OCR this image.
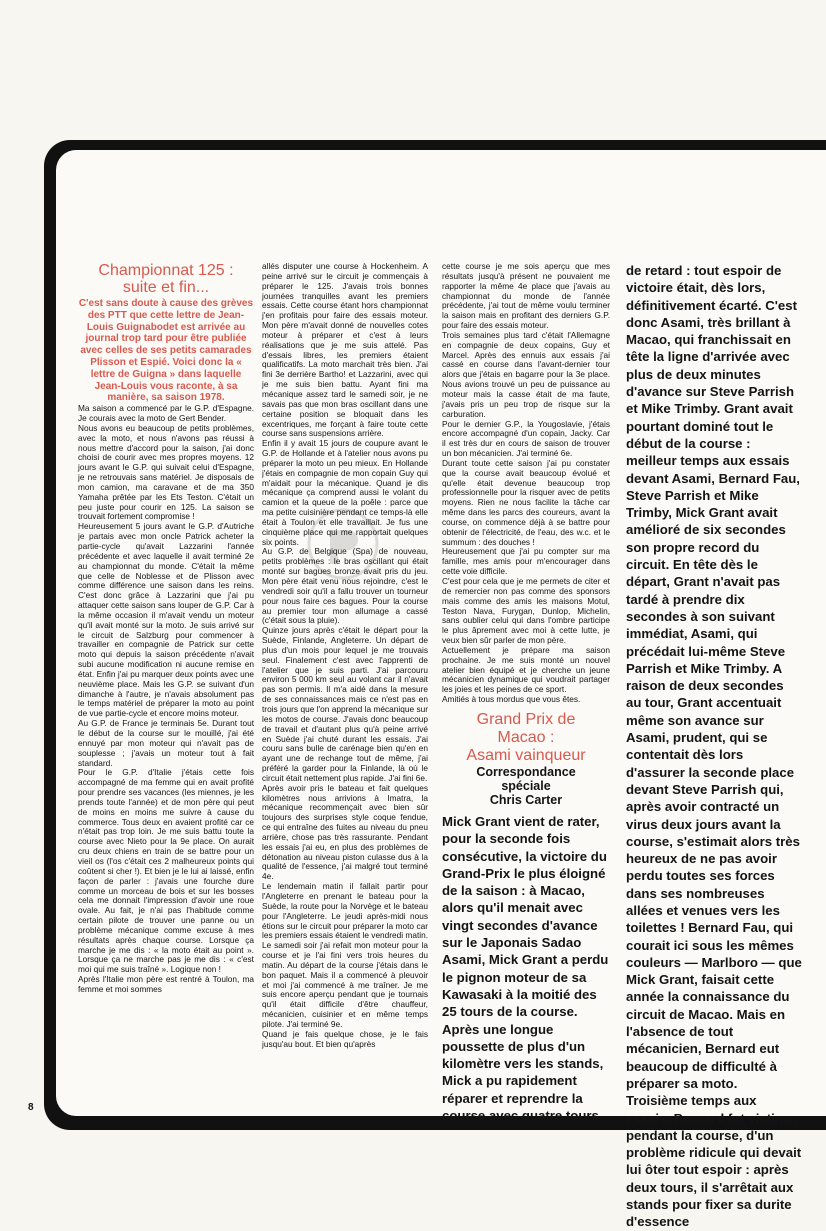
Championnat 125 :
suite et fin...

C'est sans doute à cause des grèves des PTT que cette lettre de Jean-Louis Guignabodet est arrivée au journal trop tard pour être publiée avec celles de ses petits camarades Plisson et Espié. Voici donc la « lettre de Guigna » dans laquelle Jean-Louis vous raconte, à sa manière, sa saison 1978.

Ma saison a commencé par le G.P. d'Espagne. Je courais avec la moto de Gert Bender.

Nous avons eu beaucoup de petits problèmes, avec la moto, et nous n'avons pas réussi à nous mettre d'accord pour la saison, j'ai donc choisi de courir avec mes propres moyens. 12 jours avant le G.P. qui suivait celui d'Espagne, je ne retrouvais sans matériel. Je disposais de mon camion, ma caravane et de ma 350 Yamaha prêtée par les Ets Teston. C'était un peu juste pour courir en 125. La saison se trouvait fortement compromise !

Heureusement 5 jours avant le G.P. d'Autriche je partais avec mon oncle Patrick acheter la partie-cycle qu'avait Lazzarini l'année précédente et avec laquelle il avait terminé 2e au championnat du monde. C'était la même que celle de Noblesse et de Plisson avec comme différence une saison dans les reins. C'est donc grâce à Lazzarini que j'ai pu attaquer cette saison sans louper de G.P. Car à la même occasion il m'avait vendu un moteur qu'il avait monté sur la moto. Je suis arrivé sur le circuit de Salzburg pour commencer à travailler en compagnie de Patrick sur cette moto qui depuis la saison précédente n'avait subi aucune modification ni aucune remise en état. Enfin j'ai pu marquer deux points avec une neuvième place. Mais les G.P. se suivant d'un dimanche à l'autre, je n'avais absolument pas le temps matériel de préparer la moto au point de vue partie-cycle et encore moins moteur.

Au G.P. de France je terminais 5e. Durant tout le début de la course sur le mouillé, j'ai été ennuyé par mon moteur qui n'avait pas de souplesse ; j'avais un moteur tout à fait standard.

Pour le G.P. d'Italie j'étais cette fois accompagné de ma femme qui en avait profité pour prendre ses vacances (les miennes, je les prends toute l'année) et de mon père qui peut de moins en moins me suivre à cause du commerce. Tous deux en avaient profité car ce n'était pas trop loin. Je me suis battu toute la course avec Nieto pour la 9e place. On aurait cru deux chiens en train de se battre pour un vieil os (l'os c'était ces 2 malheureux points qui coûtent si cher !). Et bien je le lui ai laissé, enfin façon de parler : j'avais une fourche dure comme un morceau de bois et sur les bosses cela me donnait l'impression d'avoir une roue ovale. Au fait, je n'ai pas l'habitude comme certain pilote de trouver une panne ou un problème mécanique comme excuse à mes résultats après chaque course. Lorsque ça marche je me dis : « la moto était au point ». Lorsque ça ne marche pas je me dis : « c'est moi qui me suis traîné ». Logique non !

Après l'Italie mon père est rentré à Toulon, ma femme et moi sommes

allés disputer une course à Hockenheim. A peine arrivé sur le circuit je commençais à préparer le 125. J'avais trois bonnes journées tranquilles avant les premiers essais. Cette course étant hors championnat j'en profitais pour faire des essais moteur. Mon père m'avait donné de nouvelles cotes moteur à préparer et c'est à leurs réalisations que je me suis attelé. Pas d'essais libres, les premiers étaient qualificatifs. La moto marchait très bien. J'ai fini 3e derrière Bartho! et Lazzarini, avec qui je me suis bien battu. Ayant fini ma mécanique assez tard le samedi soir, je ne savais pas que mon bras oscillant dans une certaine position se bloquait dans les excentriques, me forçant à faire toute cette course sans suspensions arrière.

Enfin il y avait 15 jours de coupure avant le G.P. de Hollande et à l'atelier nous avons pu préparer la moto un peu mieux. En Hollande j'étais en compagnie de mon copain Guy qui m'aidait pour la mécanique. Quand je dis mécanique ça comprend aussi le volant du camion et la queue de la poêle : parce que ma petite cuisinière pendant ce temps-là elle était à Toulon et elle travaillait. Je fus une cinquième place qui me rapportait quelques six points.

Au G.P. de Belgique (Spa) de nouveau, petits problèmes : le bras oscillant qui était monté sur bagues bronze avait pris du jeu. Mon père était venu nous rejoindre, c'est le vendredi soir qu'il a fallu trouver un tourneur pour nous faire ces bagues. Pour la course au premier tour mon allumage a cassé (c'était sous la pluie).

Quinze jours après c'était le départ pour la Suède, Finlande, Angleterre. Un départ de plus d'un mois pour lequel je me trouvais seul. Finalement c'est avec l'apprenti de l'atelier que je suis parti. J'ai parcouru environ 5 000 km seul au volant car il n'avait pas son permis. Il m'a aidé dans la mesure de ses connaissances mais ce n'est pas en trois jours que l'on apprend la mécanique sur les motos de course. J'avais donc beaucoup de travail et d'autant plus qu'à peine arrivé en Suède j'ai chuté durant les essais. J'ai couru sans bulle de carénage bien qu'en en ayant une de rechange tout de même, j'ai préféré la garder pour la Finlande, là où le circuit était nettement plus rapide. J'ai fini 6e.

Après avoir pris le bateau et fait quelques kilomètres nous arrivions à Imatra, la mécanique recommençait avec bien sûr toujours des surprises style coque fendue, ce qui entraîne des fuites au niveau du pneu arrière, chose pas très rassurante. Pendant les essais j'ai eu, en plus des problèmes de détonation au niveau piston culasse dus à la qualité de l'essence, j'ai malgré tout terminé 4e.

Le lendemain matin il fallait partir pour l'Angleterre en prenant le bateau pour la Suède, la route pour la Norvège et le bateau pour l'Angleterre. Le jeudi après-midi nous étions sur le circuit pour préparer la moto car les premiers essais étaient le vendredi matin. Le samedi soir j'ai refait mon moteur pour la course et je l'ai fini vers trois heures du matin. Au départ de la course j'étais dans le bon paquet. Mais il a commencé à pleuvoir et moi j'ai commencé à me traîner. Je me suis encore aperçu pendant que je tournais qu'il était difficile d'être chauffeur, mécanicien, cuisinier et en même temps pilote. J'ai terminé 9e.

Quand je fais quelque chose, je le fais jusqu'au bout. Et bien qu'après

cette course je me sois aperçu que mes résultats jusqu'à présent ne pouvaient me rapporter la même 4e place que j'avais au championnat du monde de l'année précédente, j'ai tout de même voulu terminer la saison mais en profitant des derniers G.P. pour faire des essais moteur.

Trois semaines plus tard c'était l'Allemagne en compagnie de deux copains, Guy et Marcel. Après des ennuis aux essais j'ai cassé en course dans l'avant-dernier tour alors que j'étais en bagarre pour la 3e place. Nous avions trouvé un peu de puissance au moteur mais la casse était de ma faute, j'avais pris un peu trop de risque sur la carburation.

Pour le dernier G.P., la Yougoslavie, j'étais encore accompagné d'un copain, Jacky. Car il est très dur en cours de saison de trouver un bon mécanicien. J'ai terminé 6e.

Durant toute cette saison j'ai pu constater que la course avait beaucoup évolué et qu'elle était devenue beaucoup trop professionnelle pour la risquer avec de petits moyens. Rien ne nous facilite la tâche car même dans les parcs des coureurs, avant la course, on commence déjà à se battre pour obtenir de l'électricité, de l'eau, des w.c. et le summum : des douches !

Heureusement que j'ai pu compter sur ma famille, mes amis pour m'encourager dans cette voie difficile.

C'est pour cela que je me permets de citer et de remercier non pas comme des sponsors mais comme des amis les maisons Motul, Teston Nava, Furygan, Dunlop, Michelin, sans oublier celui qui dans l'ombre participe le plus âprement avec moi à cette lutte, je veux bien sûr parler de mon père.

Actuellement je prépare ma saison prochaine. Je me suis monté un nouvel atelier bien équipé et je cherche un jeune mécanicien dynamique qui voudrait partager les joies et les peines de ce sport.

Amitiés à tous mordus que vous êtes.

Grand Prix de
Macao :
Asami vainqueur
Correspondance
spéciale
Chris Carter

Mick Grant vient de rater, pour la seconde fois consécutive, la victoire du Grand-Prix le plus éloigné de la saison : à Macao, alors qu'il menait avec vingt secondes d'avance sur le Japonais Sadao Asami, Mick Grant a perdu le pignon moteur de sa Kawasaki à la moitié des 25 tours de la course. Après une longue poussette de plus d'un kilomètre vers les stands, Mick a pu rapidement réparer et reprendre la course avec quatre tours

de retard : tout espoir de victoire était, dès lors, définitivement écarté. C'est donc Asami, très brillant à Macao, qui franchissait en tête la ligne d'arrivée avec plus de deux minutes d'avance sur Steve Parrish et Mike Trimby. Grant avait pourtant dominé tout le début de la course : meilleur temps aux essais devant Asami, Bernard Fau, Steve Parrish et Mike Trimby, Mick Grant avait amélioré de six secondes son propre record du circuit. En tête dès le départ, Grant n'avait pas tardé à prendre dix secondes à son suivant immédiat, Asami, qui précédait lui-même Steve Parrish et Mike Trimby. A raison de deux secondes au tour, Grant accentuait même son avance sur Asami, prudent, qui se contentait dès lors d'assurer la seconde place devant Steve Parrish qui, après avoir contracté un virus deux jours avant la course, s'estimait alors très heureux de ne pas avoir perdu toutes ses forces dans ses nombreuses allées et venues vers les toilettes ! Bernard Fau, qui courait ici sous les mêmes couleurs — Marlboro — que Mick Grant, faisait cette année la connaissance du circuit de Macao. Mais en l'absence de tout mécanicien, Bernard eut beaucoup de difficulté à préparer sa moto. Troisième temps aux essais, Bernard fut victime, pendant la course, d'un problème ridicule qui devait lui ôter tout espoir : après deux tours, il s'arrêtait aux stands pour fixer sa durite d'essence

8
